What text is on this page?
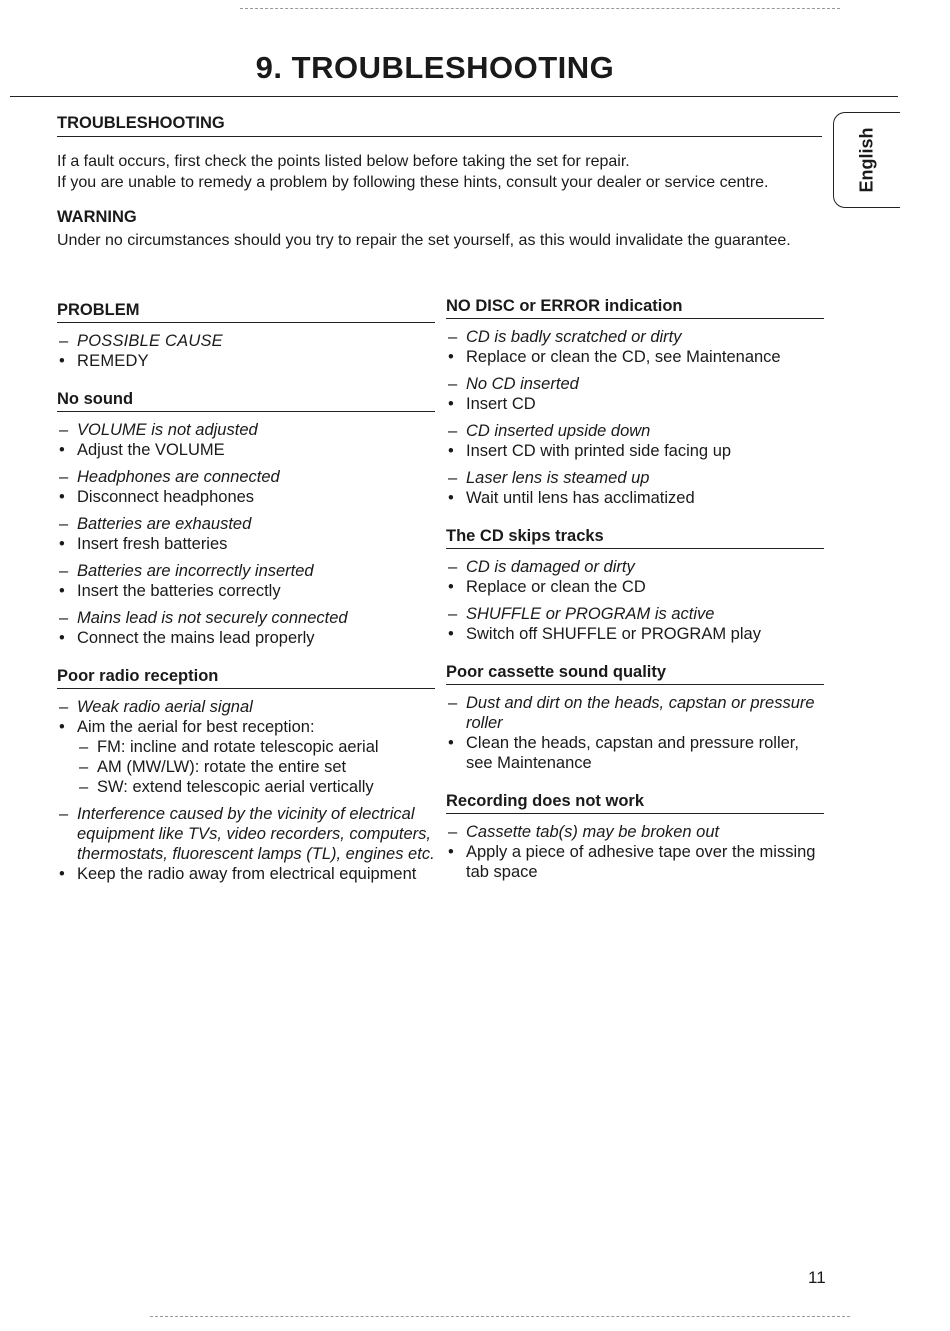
9. TROUBLESHOOTING
English
TROUBLESHOOTING

If a fault occurs, first check the points listed below before taking the set for repair.

If you are unable to remedy a problem by following these hints, consult your dealer or service centre.

WARNING

Under no circumstances should you try to repair the set yourself, as this would invalidate the guarantee.

PROBLEM
– POSSIBLE CAUSE
• REMEDY
No sound
– VOLUME is not adjusted
• Adjust the VOLUME
– Headphones are connected
• Disconnect headphones
– Batteries are exhausted
• Insert fresh batteries
– Batteries are incorrectly inserted
• Insert the batteries correctly
– Mains lead is not securely connected
• Connect the mains lead properly
Poor radio reception
– Weak radio aerial signal
• Aim the aerial for best reception:
– FM: incline and rotate telescopic aerial
– AM (MW/LW): rotate the entire set
– SW: extend telescopic aerial vertically
– Interference caused by the vicinity of electrical equipment like TVs, video recorders, computers, thermostats, fluorescent lamps (TL), engines etc.
• Keep the radio away from electrical equipment
NO DISC or ERROR indication
– CD is badly scratched or dirty
• Replace or clean the CD, see Maintenance
– No CD inserted
• Insert CD
– CD inserted upside down
• Insert CD with printed side facing up
– Laser lens is steamed up
• Wait until lens has acclimatized
The CD skips tracks
– CD is damaged or dirty
• Replace or clean the CD
– SHUFFLE or PROGRAM is active
• Switch off SHUFFLE or PROGRAM play
Poor cassette sound quality
– Dust and dirt on the heads, capstan or pressure roller
• Clean the heads, capstan and pressure roller, see Maintenance
Recording does not work
– Cassette tab(s) may be broken out
• Apply a piece of adhesive tape over the missing tab space
11
